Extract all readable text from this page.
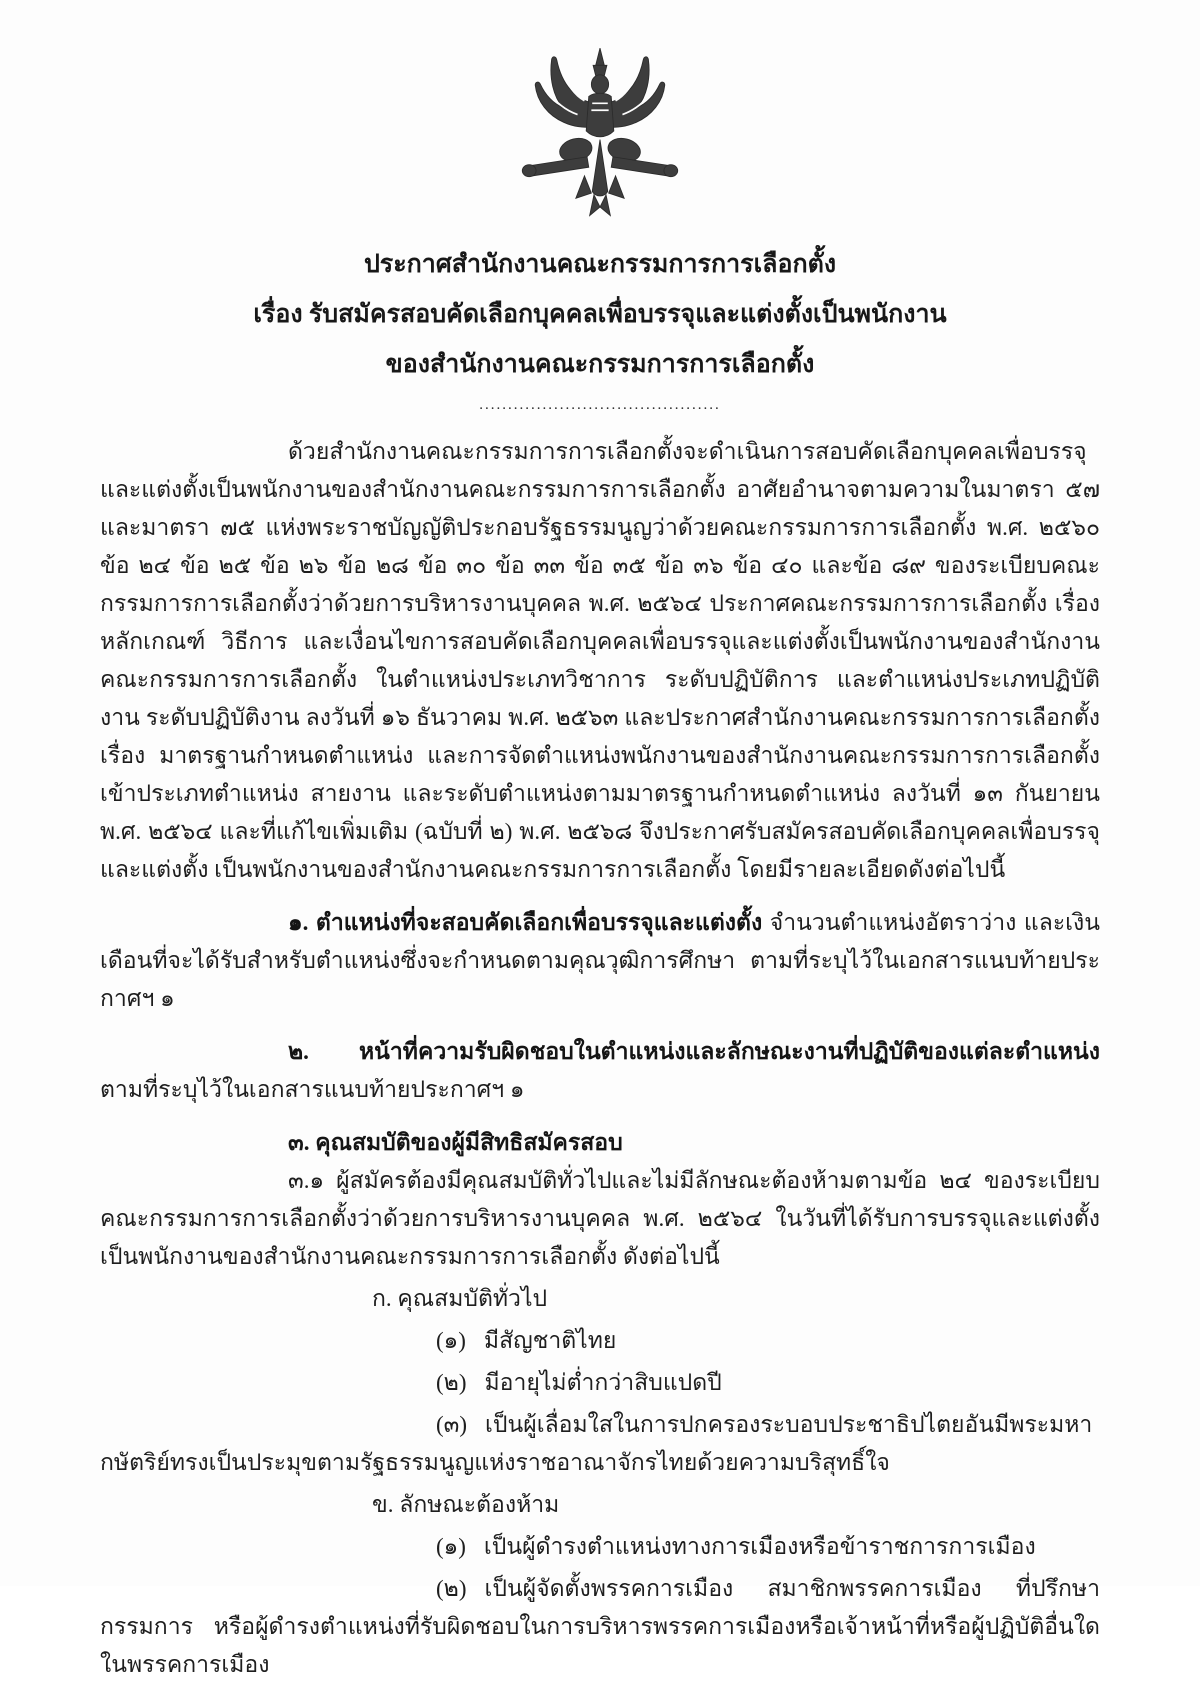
ประกาศสำนักงานคณะกรรมการการเลือกตั้ง
เรื่อง รับสมัครสอบคัดเลือกบุคคลเพื่อบรรจุและแต่งตั้งเป็นพนักงาน
ของสำนักงานคณะกรรมการการเลือกตั้ง
..........................................
ด้วยสำนักงานคณะกรรมการการเลือกตั้งจะดำเนินการสอบคัดเลือกบุคคลเพื่อบรรจุ และแต่งตั้งเป็นพนักงานของสำนักงานคณะกรรมการการเลือกตั้ง อาศัยอำนาจตามความในมาตรา ๕๗ และมาตรา ๗๕ แห่งพระราชบัญญัติประกอบรัฐธรรมนูญว่าด้วยคณะกรรมการการเลือกตั้ง พ.ศ. ๒๕๖๐ ข้อ ๒๔ ข้อ ๒๕ ข้อ ๒๖ ข้อ ๒๘ ข้อ ๓๐ ข้อ ๓๓ ข้อ ๓๕ ข้อ ๓๖ ข้อ ๔๐ และข้อ ๘๙ ของระเบียบคณะกรรมการการเลือกตั้งว่าด้วยการบริหารงานบุคคล พ.ศ. ๒๕๖๔ ประกาศคณะกรรมการการเลือกตั้ง เรื่อง หลักเกณฑ์ วิธีการ และเงื่อนไขการสอบคัดเลือกบุคคลเพื่อบรรจุและแต่งตั้งเป็นพนักงานของสำนักงานคณะกรรมการการเลือกตั้ง ในตำแหน่งประเภทวิชาการ ระดับปฏิบัติการ และตำแหน่งประเภทปฏิบัติงาน ระดับปฏิบัติงาน ลงวันที่ ๑๖ ธันวาคม พ.ศ. ๒๕๖๓ และประกาศสำนักงานคณะกรรมการการเลือกตั้ง เรื่อง มาตรฐานกำหนดตำแหน่ง และการจัดตำแหน่งพนักงานของสำนักงานคณะกรรมการการเลือกตั้ง เข้าประเภทตำแหน่ง สายงาน และระดับตำแหน่งตามมาตรฐานกำหนดตำแหน่ง ลงวันที่ ๑๓ กันยายน พ.ศ. ๒๕๖๔ และที่แก้ไขเพิ่มเติม (ฉบับที่ ๒) พ.ศ. ๒๕๖๘ จึงประกาศรับสมัครสอบคัดเลือกบุคคลเพื่อบรรจุและแต่งตั้ง เป็นพนักงานของสำนักงานคณะกรรมการการเลือกตั้ง โดยมีรายละเอียดดังต่อไปนี้
๑. ตำแหน่งที่จะสอบคัดเลือกเพื่อบรรจุและแต่งตั้ง จำนวนตำแหน่งอัตราว่าง และเงินเดือนที่จะได้รับสำหรับตำแหน่งซึ่งจะกำหนดตามคุณวุฒิการศึกษา ตามที่ระบุไว้ในเอกสารแนบท้ายประกาศฯ ๑
๒. หน้าที่ความรับผิดชอบในตำแหน่งและลักษณะงานที่ปฏิบัติของแต่ละตำแหน่ง ตามที่ระบุไว้ในเอกสารแนบท้ายประกาศฯ ๑
๓. คุณสมบัติของผู้มีสิทธิสมัครสอบ
๓.๑ ผู้สมัครต้องมีคุณสมบัติทั่วไปและไม่มีลักษณะต้องห้ามตามข้อ ๒๔ ของระเบียบคณะกรรมการการเลือกตั้งว่าด้วยการบริหารงานบุคคล พ.ศ. ๒๕๖๔ ในวันที่ได้รับการบรรจุและแต่งตั้งเป็นพนักงานของสำนักงานคณะกรรมการการเลือกตั้ง ดังต่อไปนี้
ก. คุณสมบัติทั่วไป
(๑) มีสัญชาติไทย
(๒) มีอายุไม่ต่ำกว่าสิบแปดปี
(๓) เป็นผู้เลื่อมใสในการปกครองระบอบประชาธิปไตยอันมีพระมหากษัตริย์ทรงเป็นประมุขตามรัฐธรรมนูญแห่งราชอาณาจักรไทยด้วยความบริสุทธิ์ใจ
ข. ลักษณะต้องห้าม
(๑) เป็นผู้ดำรงตำแหน่งทางการเมืองหรือข้าราชการการเมือง
(๒) เป็นผู้จัดตั้งพรรคการเมือง สมาชิกพรรคการเมือง ที่ปรึกษา กรรมการ หรือผู้ดำรงตำแหน่งที่รับผิดชอบในการบริหารพรรคการเมืองหรือเจ้าหน้าที่หรือผู้ปฏิบัติอื่นใดในพรรคการเมือง
